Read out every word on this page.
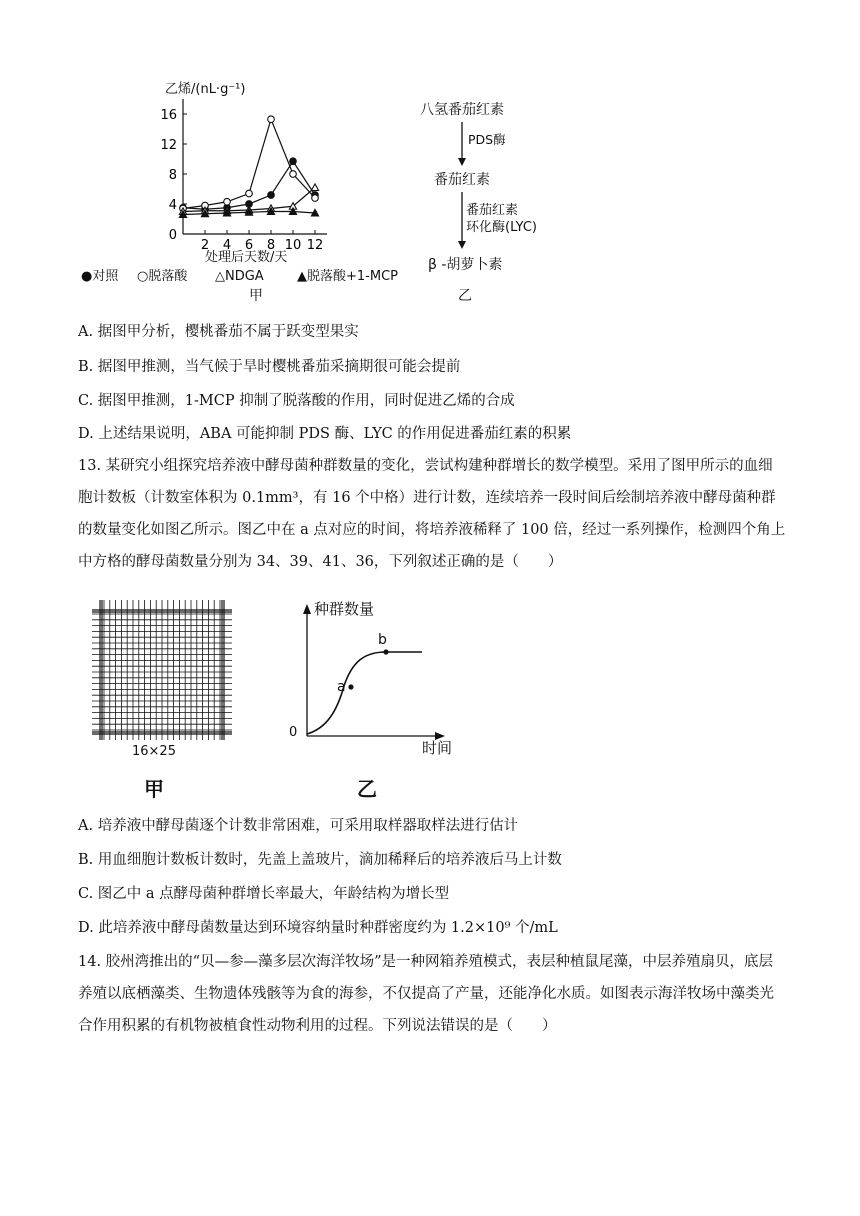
乙烯/(nL·g⁻¹)
0
4
8
12
16
2 4 6 8 10 12
处理后天数/天
●对照 ○脱落酸 △NDGA	▲脱落酸+1-MCP
甲
八氢番茄红素
PDS酶
番茄红素
番茄红素
环化酶(LYC)
β -胡萝卜素
乙
A. 据图甲分析，樱桃番茄不属于跃变型果实
B. 据图甲推测，当气候于旱时樱桃番茄采摘期很可能会提前
C. 据图甲推测，1-MCP 抑制了脱落酸的作用，同时促进乙烯的合成
D. 上述结果说明，ABA 可能抑制 PDS 酶、LYC 的作用促进番茄红素的积累
13. 某研究小组探究培养液中酵母菌种群数量的变化，尝试构建种群增长的数学模型。采用了图甲所示的血细胞计数板（计数室体积为 0.1mm³，有 16 个中格）进行计数，连续培养一段时间后绘制培养液中酵母菌种群的数量变化如图乙所示。图乙中在 a 点对应的时间，将培养液稀释了 100 倍，经过一系列操作，检测四个角上中方格的酵母菌数量分别为 34、39、41、36，下列叙述正确的是（　　）
16×25
甲
种群数量
a
b
0
时间
乙
A. 培养液中酵母菌逐个计数非常困难，可采用取样器取样法进行估计
B. 用血细胞计数板计数时，先盖上盖玻片，滴加稀释后的培养液后马上计数
C. 图乙中 a 点酵母菌种群增长率最大，年龄结构为增长型
D. 此培养液中酵母菌数量达到环境容纳量时种群密度约为 1.2×10⁹ 个/mL
14. 胶州湾推出的“贝—参—藻多层次海洋牧场”是一种网箱养殖模式，表层种植鼠尾藻，中层养殖扇贝，底层养殖以底栖藻类、生物遗体残骸等为食的海参，不仅提高了产量，还能净化水质。如图表示海洋牧场中藻类光合作用积累的有机物被植食性动物利用的过程。下列说法错误的是（　　）
